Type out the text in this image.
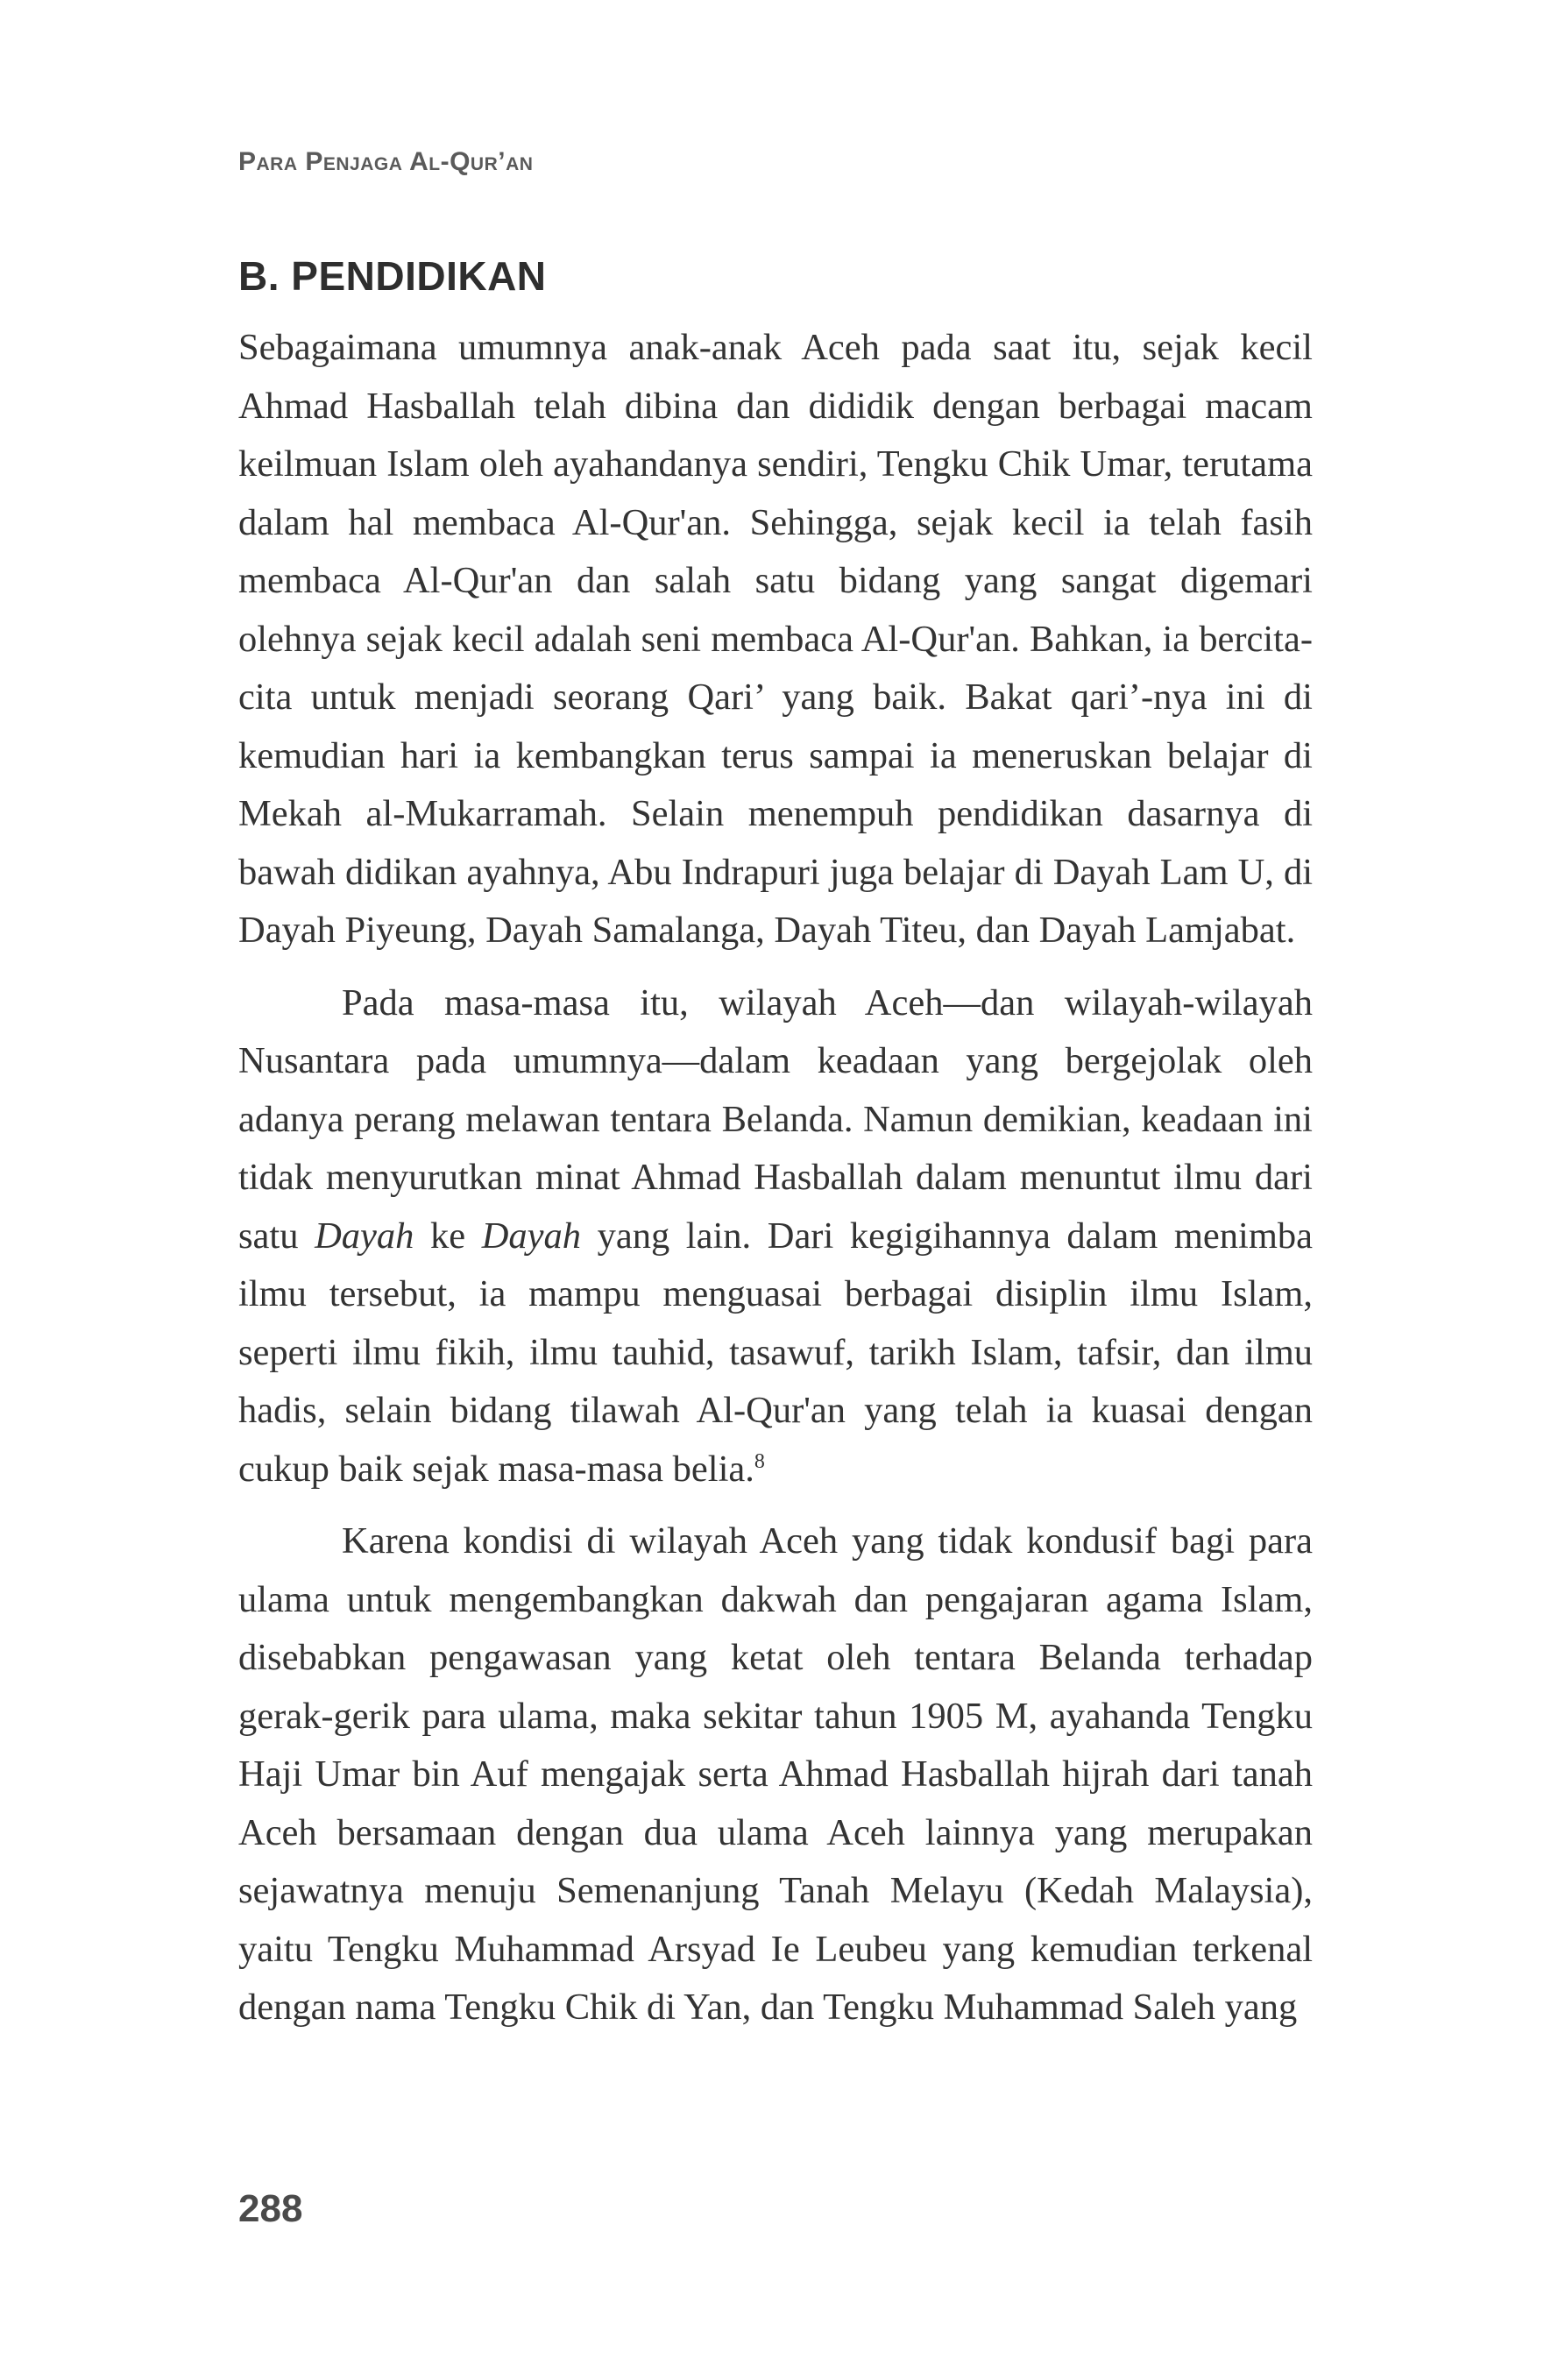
Para Penjaga Al-Qur’an
B. PENDIDIKAN

Sebagaimana umumnya anak-anak Aceh pada saat itu, sejak kecil Ahmad Hasballah telah dibina dan dididik dengan berbagai macam keilmuan Islam oleh ayahandanya sendiri, Tengku Chik Umar, terutama dalam hal membaca Al-Qur'an. Sehingga, sejak kecil ia telah fasih membaca Al-Qur'an dan salah satu bidang yang sangat digemari olehnya sejak kecil adalah seni membaca Al-Qur'an. Bahkan, ia bercita-cita untuk menjadi seorang Qari’ yang baik. Bakat qari’-nya ini di kemudian hari ia kembangkan terus sampai ia meneruskan belajar di Mekah al-Mukarramah. Selain menempuh pendidikan dasarnya di bawah didikan ayahnya, Abu Indrapuri juga belajar di Dayah Lam U, di Dayah Piyeung, Dayah Samalanga, Dayah Titeu, dan Dayah Lamjabat.

Pada masa-masa itu, wilayah Aceh—dan wilayah-wilayah Nusantara pada umumnya—dalam keadaan yang bergejolak oleh adanya perang melawan tentara Belanda. Namun demikian, keadaan ini tidak menyurutkan minat Ahmad Hasballah dalam menuntut ilmu dari satu Dayah ke Dayah yang lain. Dari kegigihannya dalam menimba ilmu tersebut, ia mampu menguasai berbagai disiplin ilmu Islam, seperti ilmu fikih, ilmu tauhid, tasawuf, tarikh Islam, tafsir, dan ilmu hadis, selain bidang tilawah Al-Qur'an yang telah ia kuasai dengan cukup baik sejak masa-masa belia.$^8$

Karena kondisi di wilayah Aceh yang tidak kondusif bagi para ulama untuk mengembangkan dakwah dan pengajaran agama Islam, disebabkan pengawasan yang ketat oleh tentara Belanda terhadap gerak-gerik para ulama, maka sekitar tahun 1905 M, ayahanda Tengku Haji Umar bin Auf mengajak serta Ahmad Hasballah hijrah dari tanah Aceh bersamaan dengan dua ulama Aceh lainnya yang merupakan sejawatnya menuju Semenanjung Tanah Melayu (Kedah Malaysia), yaitu Tengku Muhammad Arsyad Ie Leubeu yang kemudian terkenal dengan nama Tengku Chik di Yan, dan Tengku Muhammad Saleh yang

288
